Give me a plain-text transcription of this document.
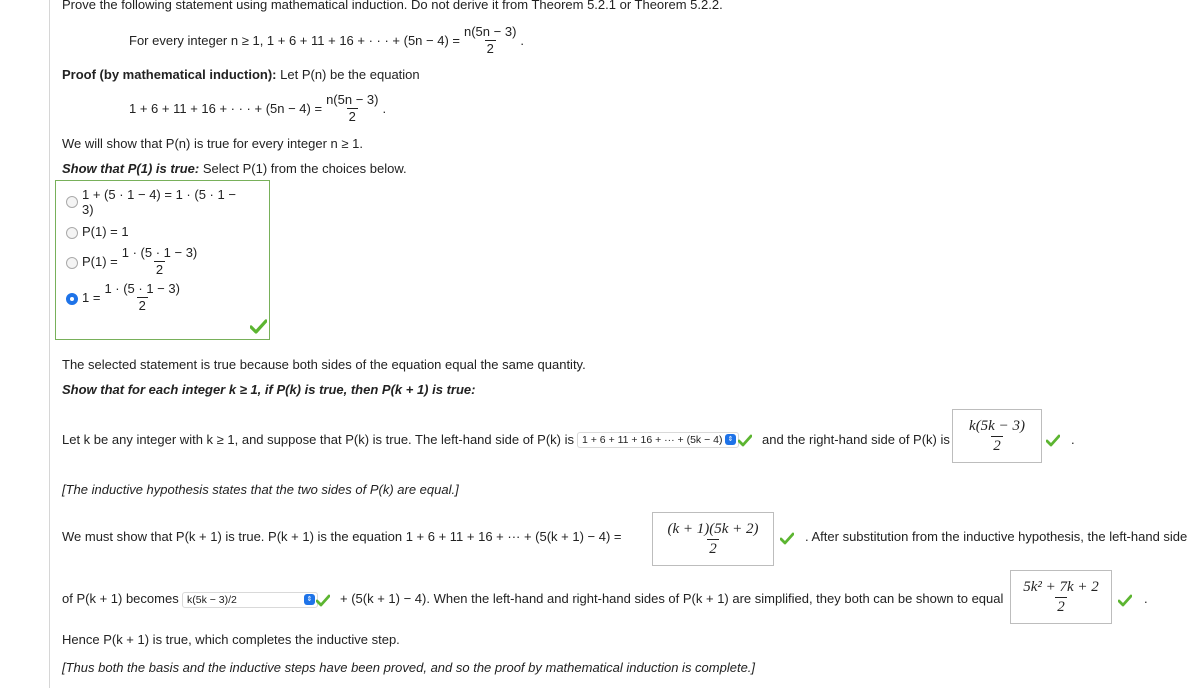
Prove the following statement using mathematical induction. Do not derive it from Theorem 5.2.1 or Theorem 5.2.2.
For every integer n ≥ 1, 1 + 6 + 11 + 16 + · · · + $(5n - 4) = \frac{n(5n - 3)}{2}$ .
Proof (by mathematical induction): Let P(n) be the equation
1 + 6 + 11 + 16 + · · · + $(5n - 4) = \frac{n(5n - 3)}{2}$ .
We will show that P(n) is true for every integer n ≥ 1.
Show that P(1) is true: Select P(1) from the choices below.
1 + (5 · 1 − 4) = 1 · (5 · 1 −
3)
P(1) = 1
$P(1) = \frac{1 \cdot (5 \cdot 1 - 3)}{2}$
$1 = \frac{1 \cdot (5 \cdot 1 - 3)}{2}$
The selected statement is true because both sides of the equation equal the same quantity.
Show that for each integer k ≥ 1, if P(k) is true, then P(k + 1) is true:
Let k be any integer with k ≥ 1, and suppose that P(k) is true. The left-hand side of P(k) is 1 + 6 + 11 + 16 + ··· + (5k − 4) ⇕ and the right-hand side of P(k) is $\frac{k(5k - 3)}{2}$	.
[The inductive hypothesis states that the two sides of P(k) are equal.]
We must show that P(k + 1) is true. P(k + 1) is the equation 1 + 6 + 11 + 16 + ··· + (5(k + 1) − 4) =	$\frac{(k + 1)(5k + 2)}{2}$	. After substitution from the inductive hypothesis, the left-hand side
of P(k + 1) becomes k(5k − 3)/2	⇕ + (5(k + 1) − 4). When the left-hand and right-hand sides of P(k + 1) are simplified, they both can be shown to equal $\frac{\text{5k² + 7k + 2}}{2}$	.
Hence P(k + 1) is true, which completes the inductive step.
[Thus both the basis and the inductive steps have been proved, and so the proof by mathematical induction is complete.]
